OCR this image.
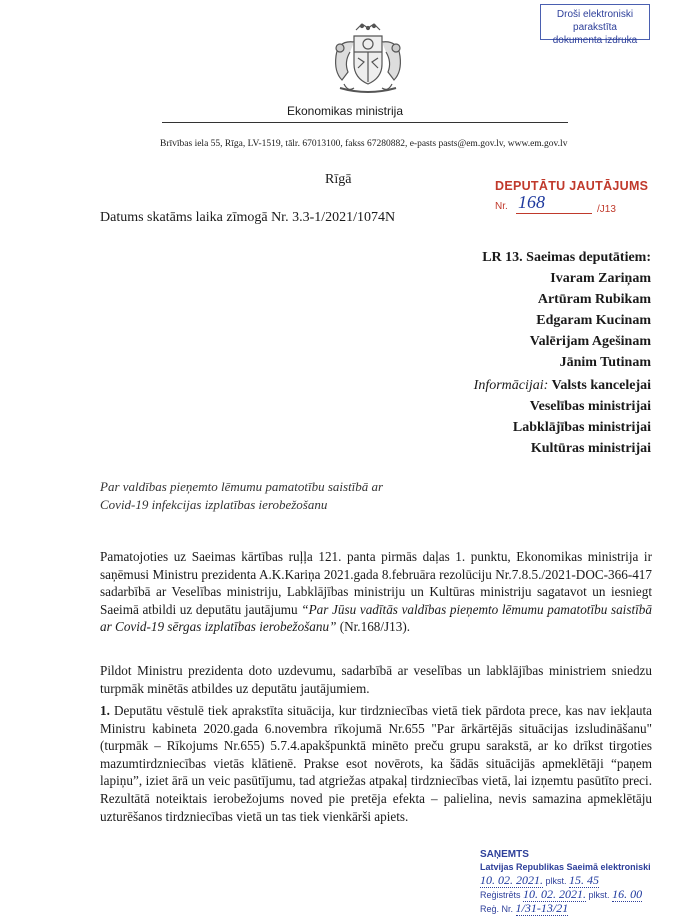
Droši elektroniski parakstīta
dokumenta izdruka
Ekonomikas ministrija
Brīvības iela 55, Rīga, LV-1519, tālr. 67013100, fakss 67280882, e-pasts pasts@em.gov.lv, www.em.gov.lv
Rīgā	DEPUTĀTU JAUTĀJUMS
Nr. 168	/J13
Datums skatāms laika zīmogā Nr. 3.3-1/2021/1074N
LR 13. Saeimas deputātiem:
Ivaram Zariņam
Artūram Rubikam
Edgaram Kucinam
Valērijam Agešinam
Jānim Tutinam
Informācijai: Valsts kancelejai
Veselības ministrijai
Labklājības ministrijai
Kultūras ministrijai
Par valdības pieņemto lēmumu pamatotību saistībā ar
Covid-19 infekcijas izplatības ierobežošanu
Pamatojoties uz Saeimas kārtības ruļļa 121. panta pirmās daļas 1. punktu, Ekonomikas ministrija ir saņēmusi Ministru prezidenta A.K.Kariņa 2021.gada 8.februāra rezolūciju Nr.7.8.5./2021-DOC-366-417 sadarbībā ar Veselības ministriju, Labklājības ministriju un Kultūras ministriju sagatavot un iesniegt Saeimā atbildi uz deputātu jautājumu “Par Jūsu vadītās valdības pieņemto lēmumu pamatotību saistībā ar Covid-19 sērgas izplatības ierobežošanu” (Nr.168/J13).
Pildot Ministru prezidenta doto uzdevumu, sadarbībā ar veselības un labklājības ministriem sniedzu turpmāk minētās atbildes uz deputātu jautājumiem.
1. Deputātu vēstulē tiek aprakstīta situācija, kur tirdzniecības vietā tiek pārdota prece, kas nav iekļauta Ministru kabineta 2020.gada 6.novembra rīkojumā Nr.655 "Par ārkārtējās situācijas izsludināšanu" (turpmāk – Rīkojums Nr.655) 5.7.4.apakšpunktā minēto preču grupu sarakstā, ar ko drīkst tirgoties mazumtirdzniecības vietās klātienē. Prakse esot novērots, ka šādās situācijās apmeklētāji “paņem lapiņu”, iziet ārā un veic pasūtījumu, tad atgriežas atpakaļ tirdzniecības vietā, lai izņemtu pasūtīto preci. Rezultātā noteiktais ierobežojums noved pie pretēja efekta – palielina, nevis samazina apmeklētāju uzturēšanos tirdzniecības vietā un tas tiek vienkārši apiets.
SAŅEMTS
Latvijas Republikas Saeimā elektroniski
10. 02. 2021. plkst. 15. 45
Reģistrēts 10. 02. 2021. plkst. 16. 00
Reģ. Nr. 1/31-13/21
